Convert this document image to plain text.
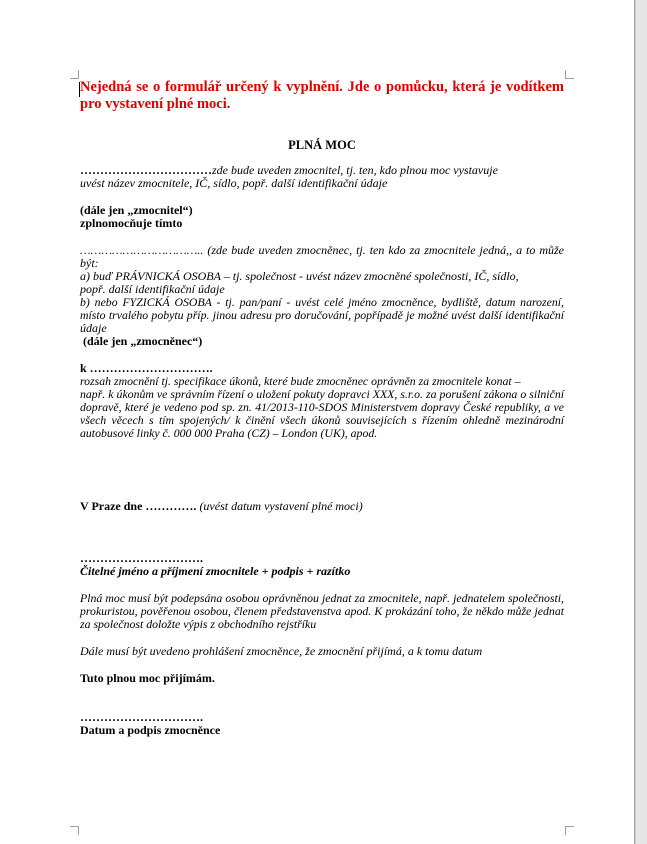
Nejedná se o formulář určený k vyplnění. Jde o pomůcku, která je vodítkem pro vystavení plné moci.

PLNÁ MOC

……………………………zde bude uveden zmocnitel, tj. ten, kdo plnou moc vystavuje

uvést název zmocnitele, IČ, sídlo, popř. další identifikační údaje

(dále jen „zmocnitel“)

zplnomocňuje tímto

…………………………….. (zde bude uveden zmocněnec, tj. ten kdo za zmocnitele jedná,, a to může

být:

a) buď PRÁVNICKÁ OSOBA – tj. společnost - uvést název zmocněné společnosti, IČ, sídlo,

popř. další identifikační údaje

b) nebo FYZICKÁ OSOBA - tj. pan/paní - uvést celé jméno zmocněnce, bydliště, datum narození,

místo trvalého pobytu příp. jinou adresu pro doručování, popřípadě je možné uvést další identifikační

údaje

(dále jen „zmocněnec“)

k ………………………….

rozsah zmocnění tj. specifikace úkonů, které bude zmocněnec oprávněn za zmocnitele konat –

např. k úkonům ve správním řízení o uložení pokuty dopravci XXX, s.r.o. za porušení zákona o silniční

dopravě, které je vedeno pod sp. zn. 41/2013-110-SDOS Ministerstvem dopravy České republiky, a ve

všech věcech s tím spojených/ k činění všech úkonů souvisejících s řízením ohledně mezinárodní

autobusové linky č. 000 000 Praha (CZ) – London (UK), apod.

V Praze dne …………. (uvést datum vystavení plné moci)

………………………….

Čitelné jméno a příjmení zmocnitele + podpis + razítko

Plná moc musí být podepsána osobou oprávněnou jednat za zmocnitele, např. jednatelem společnosti,

prokuristou, pověřenou osobou, členem představenstva apod. K prokázání toho, že někdo může jednat

za společnost doložte výpis z obchodního rejstříku

Dále musí být uvedeno prohlášení zmocněnce, že zmocnění přijímá, a k tomu datum

Tuto plnou moc přijímám.

………………………….

Datum a podpis zmocněnce
